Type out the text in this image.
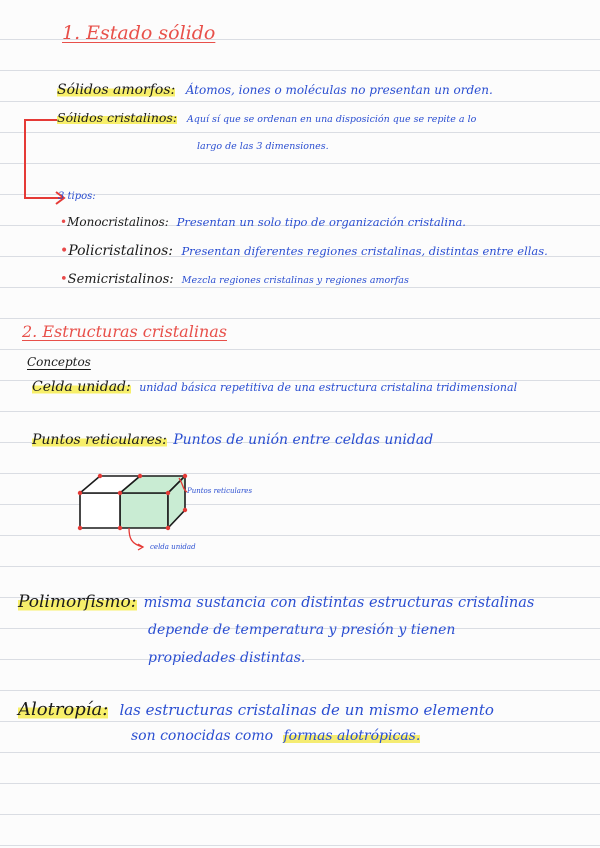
1. Estado sólido
Sólidos amorfos: Átomos, iones o moléculas no presentan un orden.
Sólidos cristalinos: Aquí sí que se ordenan en una disposición que se repite a lo
largo de las 3 dimensiones.
3 tipos:
•Monocristalinos: Presentan un solo tipo de organización cristalina.
•Policristalinos: Presentan diferentes regiones cristalinas, distintas entre ellas.
•Semicristalinos: Mezcla regiones cristalinas y regiones amorfas
2. Estructuras cristalinas
Conceptos
Celda unidad: unidad básica repetitiva de una estructura cristalina tridimensional
Puntos reticulares: Puntos de unión entre celdas unidad
Puntos reticulares
celda unidad
Polimorfismo: misma sustancia con distintas estructuras cristalinas
depende de temperatura y presión y tienen
propiedades distintas.
Alotropía: las estructuras cristalinas de un mismo elemento
son conocidas como formas alotrópicas.
